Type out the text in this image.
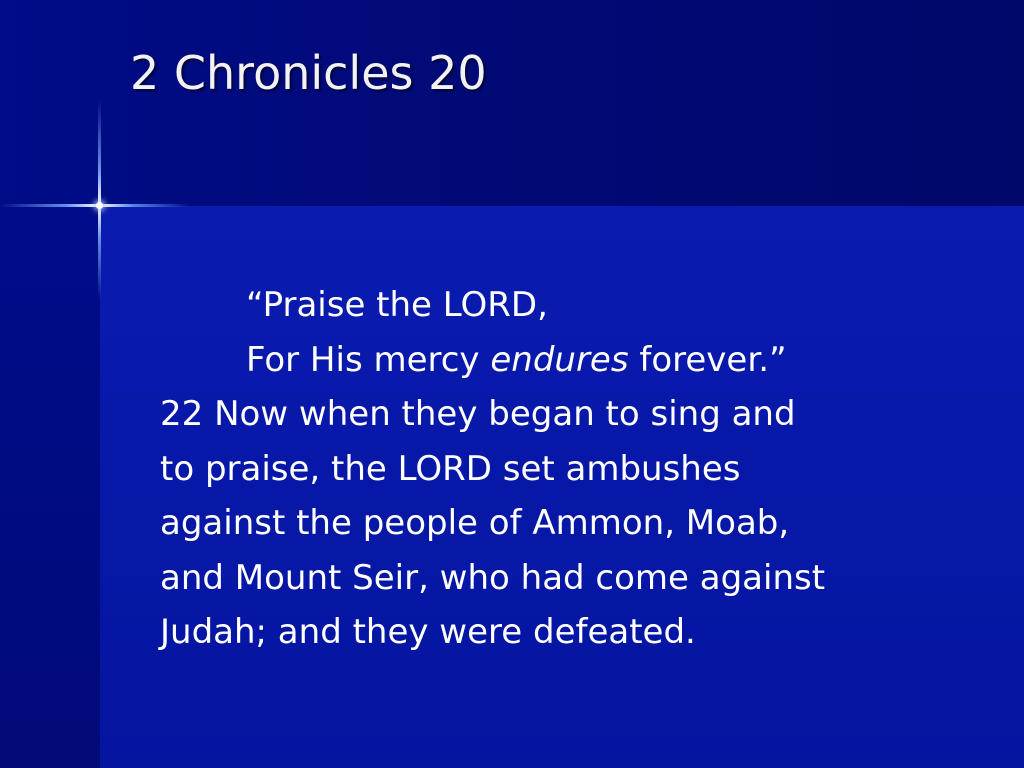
2 Chronicles 20
“Praise the LORD,
For His mercy endures forever.”
22 Now when they began to sing and
to praise, the LORD set ambushes
against the people of Ammon, Moab,
and Mount Seir, who had come against
Judah; and they were defeated.
